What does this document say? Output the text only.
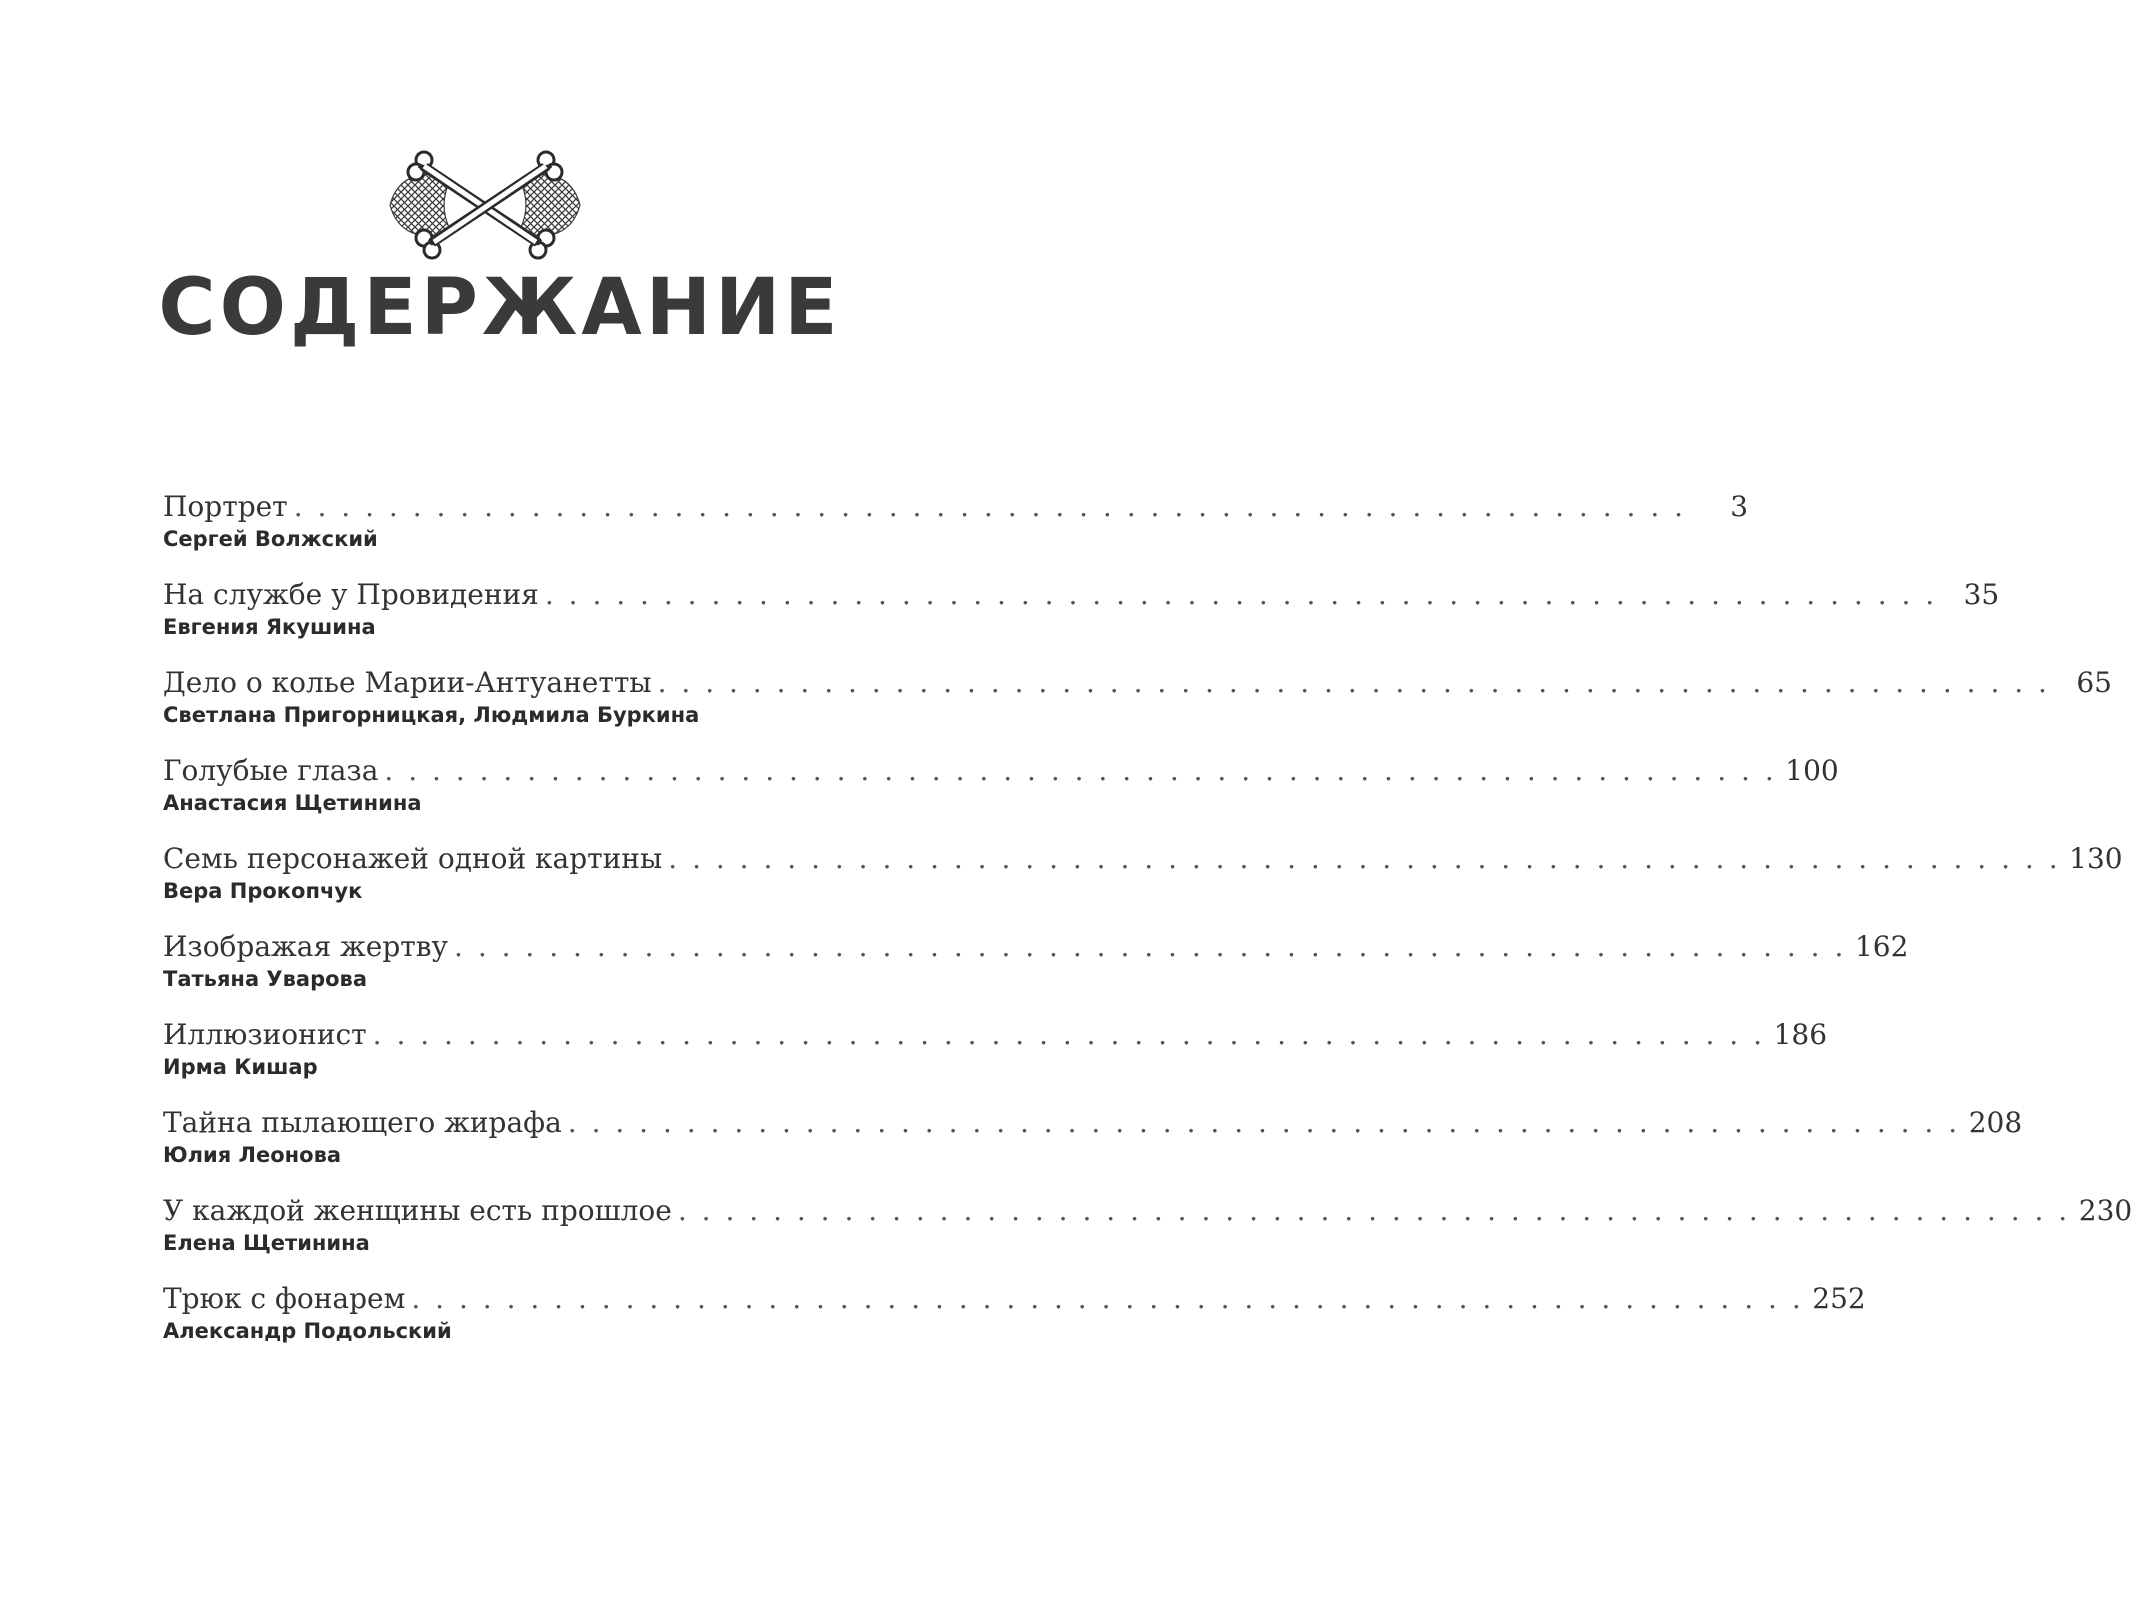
СОДЕРЖАНИЕ
Портрет . . . . . . . . . . . . . . . . . . . . . . . . . . . . . . . . . . . . . . . . . . . . . . . . . . . . . . . . . . .	3
Сергей Волжский
На службе у Провидения . . . . . . . . . . . . . . . . . . . . . . . . . . . . . . . . . . . . . . . . . . . . . . . . . . . . . . . . . . . 35
Евгения Якушина
Дело о колье Марии-Антуанетты . . . . . . . . . . . . . . . . . . . . . . . . . . . . . . . . . . . . . . . . . . . . . . . . . . . . . . . . . . . 65
Светлана Пригорницкая, Людмила Буркина
Голубые глаза . . . . . . . . . . . . . . . . . . . . . . . . . . . . . . . . . . . . . . . . . . . . . . . . . . . . . . . . . . . 100
Анастасия Щетинина
Семь персонажей одной картины . . . . . . . . . . . . . . . . . . . . . . . . . . . . . . . . . . . . . . . . . . . . . . . . . . . . . . . . . . . 130
Вера Прокопчук
Изображая жертву . . . . . . . . . . . . . . . . . . . . . . . . . . . . . . . . . . . . . . . . . . . . . . . . . . . . . . . . . . . 162
Татьяна Уварова
Иллюзионист . . . . . . . . . . . . . . . . . . . . . . . . . . . . . . . . . . . . . . . . . . . . . . . . . . . . . . . . . . . 186
Ирма Кишар
Тайна пылающего жирафа . . . . . . . . . . . . . . . . . . . . . . . . . . . . . . . . . . . . . . . . . . . . . . . . . . . . . . . . . . . 208
Юлия Леонова
У каждой женщины есть прошлое . . . . . . . . . . . . . . . . . . . . . . . . . . . . . . . . . . . . . . . . . . . . . . . . . . . . . . . . . . . 230
Елена Щетинина
Трюк с фонарем . . . . . . . . . . . . . . . . . . . . . . . . . . . . . . . . . . . . . . . . . . . . . . . . . . . . . . . . . . . 252
Александр Подольский
